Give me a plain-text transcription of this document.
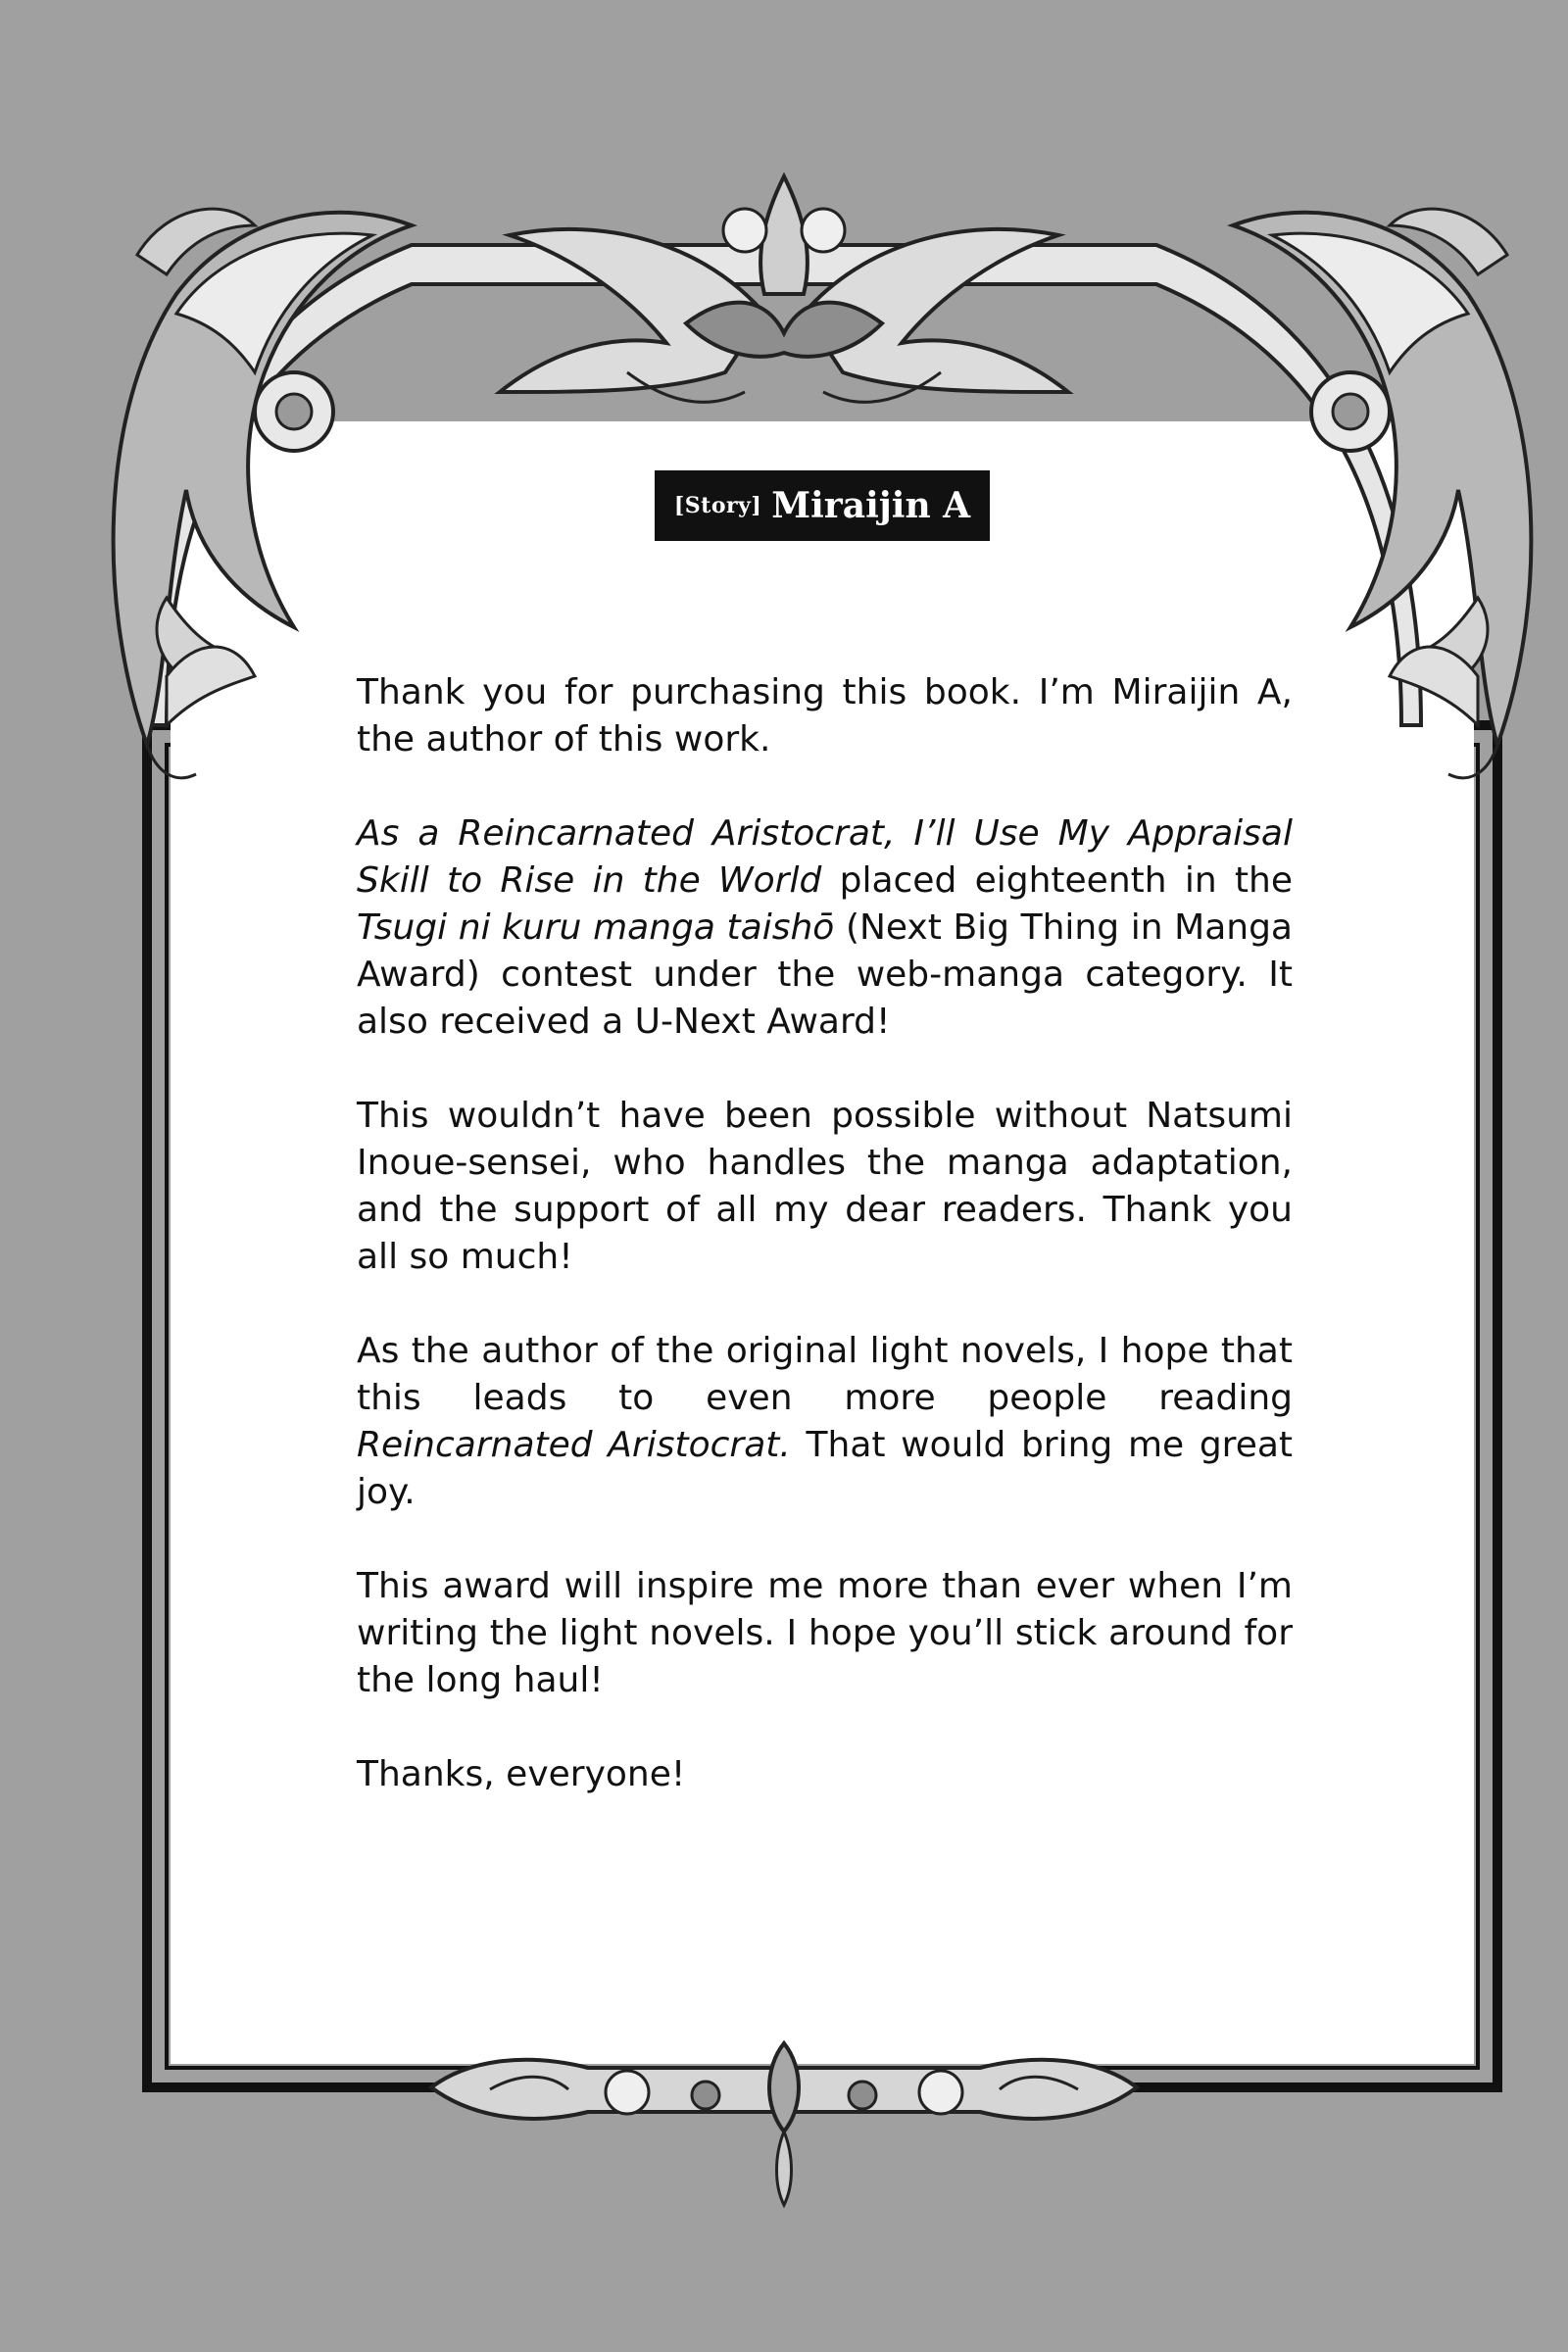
[Story] Miraijin A

Thank you for purchasing this book. I’m Miraijin A, the author of this work.

As a Reincarnated Aristocrat, I’ll Use My Appraisal Skill to Rise in the World placed eighteenth in the Tsugi ni kuru manga taishō (Next Big Thing in Manga Award) contest under the web-manga category. It also received a U-Next Award!

This wouldn’t have been possible without Natsumi Inoue-sensei, who handles the manga adaptation, and the support of all my dear readers. Thank you all so much!

As the author of the original light novels, I hope that this leads to even more people reading Reincarnated Aristocrat. That would bring me great joy.

This award will inspire me more than ever when I’m writing the light novels. I hope you’ll stick around for the long haul!

Thanks, everyone!
